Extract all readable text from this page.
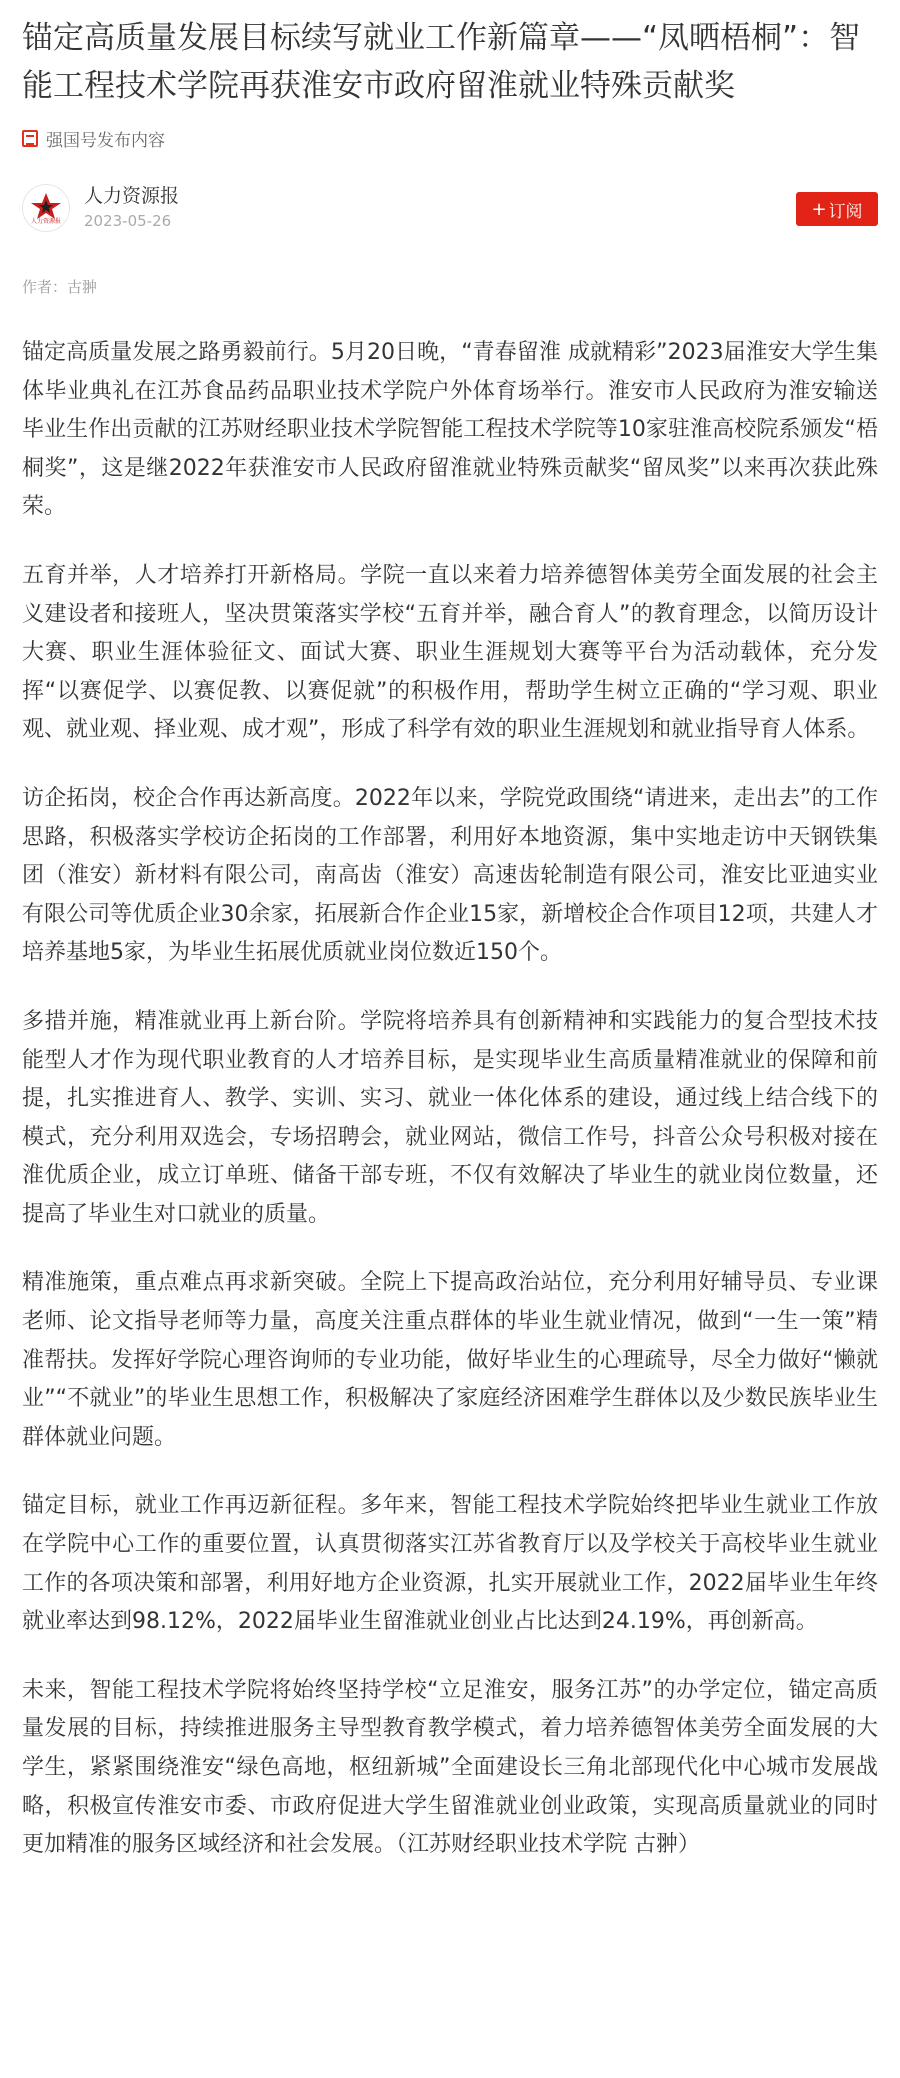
锚定高质量发展目标续写就业工作新篇章——“凤晒梧桐”：智能工程技术学院再获淮安市政府留淮就业特殊贡献奖
强国号发布内容
人力资源报
人力资源报
2023-05-26
+ 订阅
作者：古翀

锚定高质量发展之路勇毅前行。5月20日晚，“青春留淮 成就精彩”2023届淮安大学生集体毕业典礼在江苏食品药品职业技术学院户外体育场举行。淮安市人民政府为淮安输送毕业生作出贡献的江苏财经职业技术学院智能工程技术学院等10家驻淮高校院系颁发“梧桐奖”，这是继2022年获淮安市人民政府留淮就业特殊贡献奖“留凤奖”以来再次获此殊荣。

五育并举，人才培养打开新格局。学院一直以来着力培养德智体美劳全面发展的社会主义建设者和接班人，坚决贯策落实学校“五育并举，融合育人”的教育理念，以简历设计大赛、职业生涯体验征文、面试大赛、职业生涯规划大赛等平台为活动载体，充分发挥“以赛促学、以赛促教、以赛促就”的积极作用，帮助学生树立正确的“学习观、职业观、就业观、择业观、成才观”，形成了科学有效的职业生涯规划和就业指导育人体系。

访企拓岗，校企合作再达新高度。2022年以来，学院党政围绕“请进来，走出去”的工作思路，积极落实学校访企拓岗的工作部署，利用好本地资源，集中实地走访中天钢铁集团（淮安）新材料有限公司，南高齿（淮安）高速齿轮制造有限公司，淮安比亚迪实业有限公司等优质企业30余家，拓展新合作企业15家，新增校企合作项目12项，共建人才培养基地5家，为毕业生拓展优质就业岗位数近150个。

多措并施，精准就业再上新台阶。学院将培养具有创新精神和实践能力的复合型技术技能型人才作为现代职业教育的人才培养目标，是实现毕业生高质量精准就业的保障和前提，扎实推进育人、教学、实训、实习、就业一体化体系的建设，通过线上结合线下的模式，充分利用双选会，专场招聘会，就业网站，微信工作号，抖音公众号积极对接在淮优质企业，成立订单班、储备干部专班，不仅有效解决了毕业生的就业岗位数量，还提高了毕业生对口就业的质量。

精准施策，重点难点再求新突破。全院上下提高政治站位，充分利用好辅导员、专业课老师、论文指导老师等力量，高度关注重点群体的毕业生就业情况，做到“一生一策”精准帮扶。发挥好学院心理咨询师的专业功能，做好毕业生的心理疏导，尽全力做好“懒就业”“不就业”的毕业生思想工作，积极解决了家庭经济困难学生群体以及少数民族毕业生群体就业问题。

锚定目标，就业工作再迈新征程。多年来，智能工程技术学院始终把毕业生就业工作放在学院中心工作的重要位置，认真贯彻落实江苏省教育厅以及学校关于高校毕业生就业工作的各项决策和部署，利用好地方企业资源，扎实开展就业工作，2022届毕业生年终就业率达到98.12%，2022届毕业生留淮就业创业占比达到24.19%，再创新高。

未来，智能工程技术学院将始终坚持学校“立足淮安，服务江苏”的办学定位，锚定高质量发展的目标，持续推进服务主导型教育教学模式，着力培养德智体美劳全面发展的大学生，紧紧围绕淮安“绿色高地，枢纽新城”全面建设长三角北部现代化中心城市发展战略，积极宣传淮安市委、市政府促进大学生留淮就业创业政策，实现高质量就业的同时更加精准的服务区域经济和社会发展。（江苏财经职业技术学院 古翀）
